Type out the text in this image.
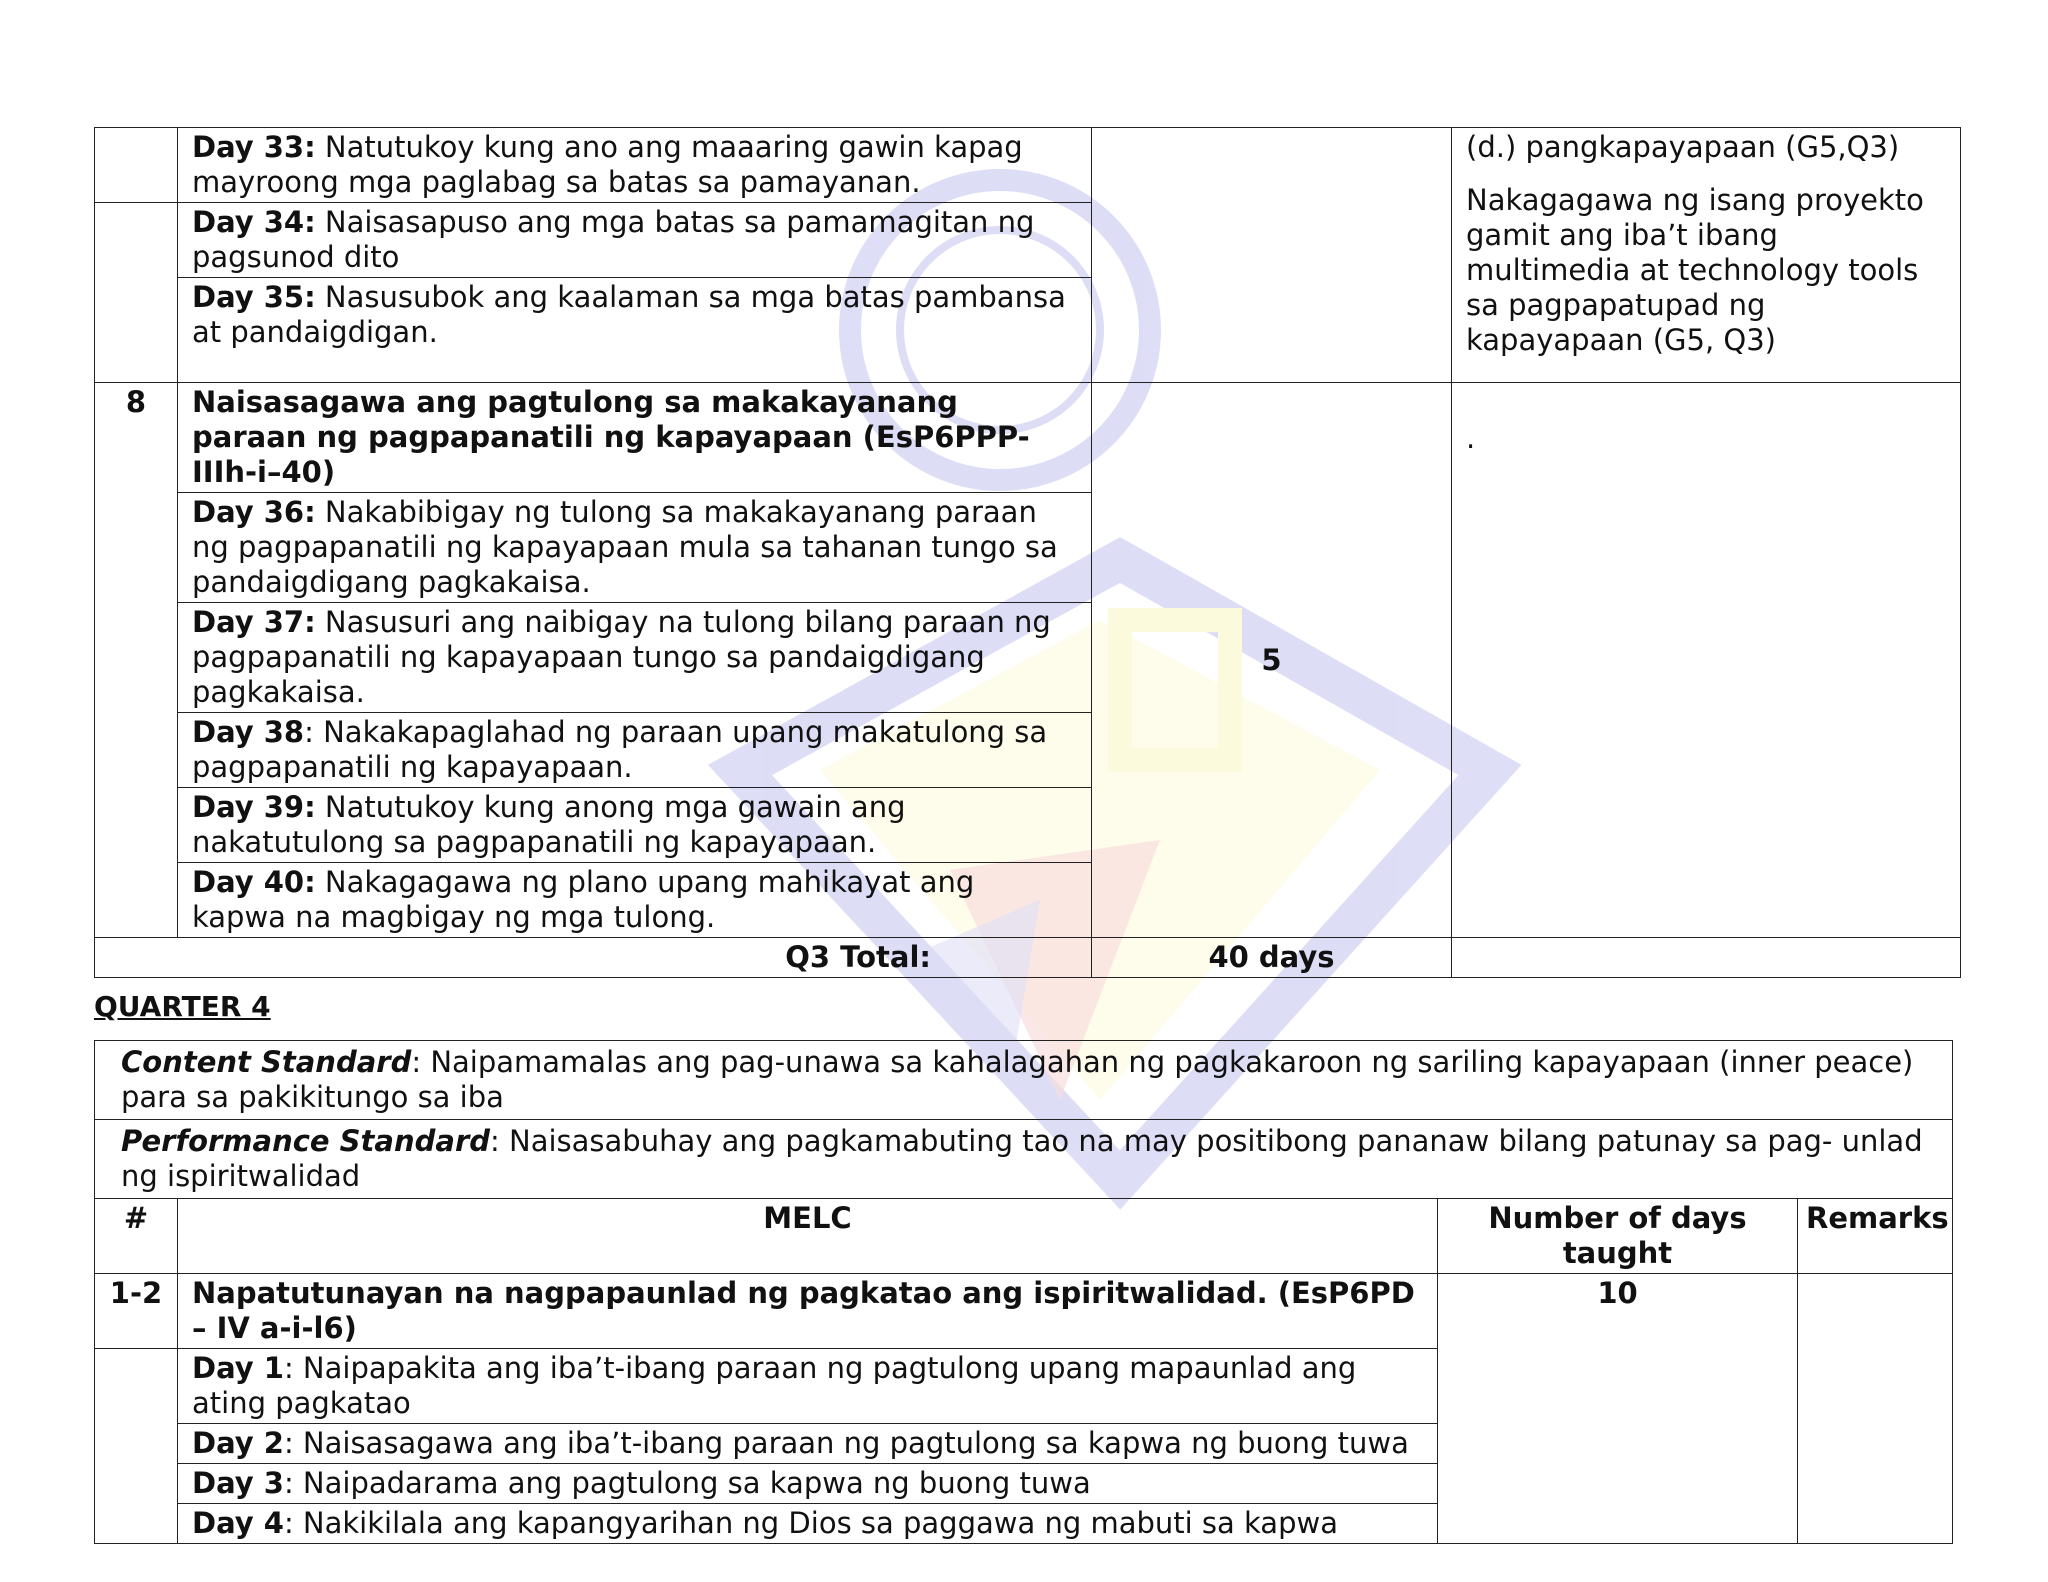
	Day 33: Natutukoy kung ano ang maaaring gawin kapag mayroong mga paglabag sa batas sa pamayanan.		(d.) pangkapayapaan (G5,Q3)
Nakagagawa ng isang proyekto gamit ang iba’t ibang multimedia at technology tools sa pagpapatupad ng kapayapaan (G5, Q3)
	Day 34: Naisasapuso ang mga batas sa pamamagitan ng pagsunod dito		
	Day 35: Nasusubok ang kaalaman sa mga batas pambansa at pandaigdigan.		
8	Naisasagawa ang pagtulong sa makakayanang paraan ng pagpapanatili ng kapayapaan (EsP6PPP- IIIh-i–40)	5	.
	Day 36: Nakabibigay ng tulong sa makakayanang paraan ng pagpapanatili ng kapayapaan mula sa tahanan tungo sa pandaigdigang pagkakaisa.		
	Day 37: Nasusuri ang naibigay na tulong bilang paraan ng pagpapanatili ng kapayapaan tungo sa pandaigdigang pagkakaisa.		
	Day 38: Nakakapaglahad ng paraan upang makatulong sa pagpapanatili ng kapayapaan.		
	Day 39: Natutukoy kung anong mga gawain ang nakatutulong sa pagpapanatili ng kapayapaan.		
	Day 40: Nakagagawa ng plano upang mahikayat ang kapwa na magbigay ng mga tulong.		
Q3 Total:		40 days	
QUARTER 4
Content Standard: Naipamamalas ang pag-unawa sa kahalagahan ng pagkakaroon ng sariling kapayapaan (inner peace) para sa pakikitungo sa iba			
Performance Standard: Naisasabuhay ang pagkamabuting tao na may positibong pananaw bilang patunay sa pag- unlad ng ispiritwalidad			
#	MELC	Number of days taught	Remarks
1-2	Napatutunayan na nagpapaunlad ng pagkatao ang ispiritwalidad. (EsP6PD – IV a-i-l6)	10	
	Day 1: Naipapakita ang iba’t-ibang paraan ng pagtulong upang mapaunlad ang ating pagkatao		
	Day 2: Naisasagawa ang iba’t-ibang paraan ng pagtulong sa kapwa ng buong tuwa		
	Day 3: Naipadarama ang pagtulong sa kapwa ng buong tuwa		
	Day 4: Nakikilala ang kapangyarihan ng Dios sa paggawa ng mabuti sa kapwa		
